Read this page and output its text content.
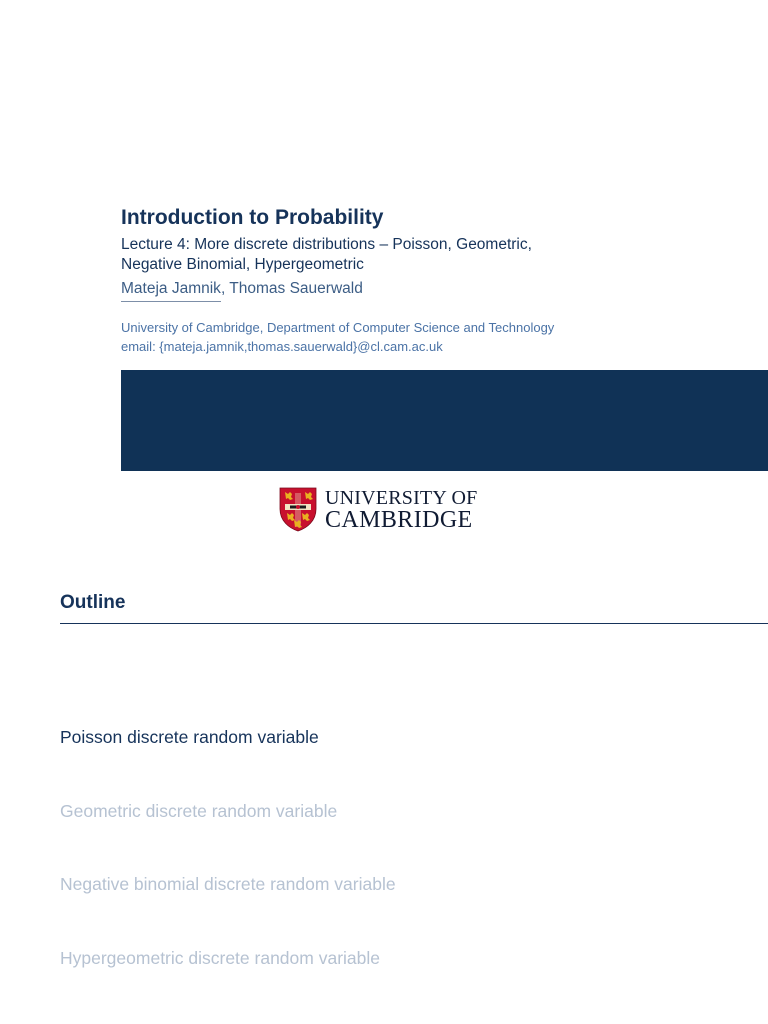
Introduction to Probability
Lecture 4: More discrete distributions – Poisson, Geometric,
Negative Binomial, Hypergeometric
Mateja Jamnik, Thomas Sauerwald
University of Cambridge, Department of Computer Science and Technology
email: {mateja.jamnik,thomas.sauerwald}@cl.cam.ac.uk
UNIVERSITY OF
CAMBRIDGE
Outline
Poisson discrete random variable
Geometric discrete random variable
Negative binomial discrete random variable
Hypergeometric discrete random variable
